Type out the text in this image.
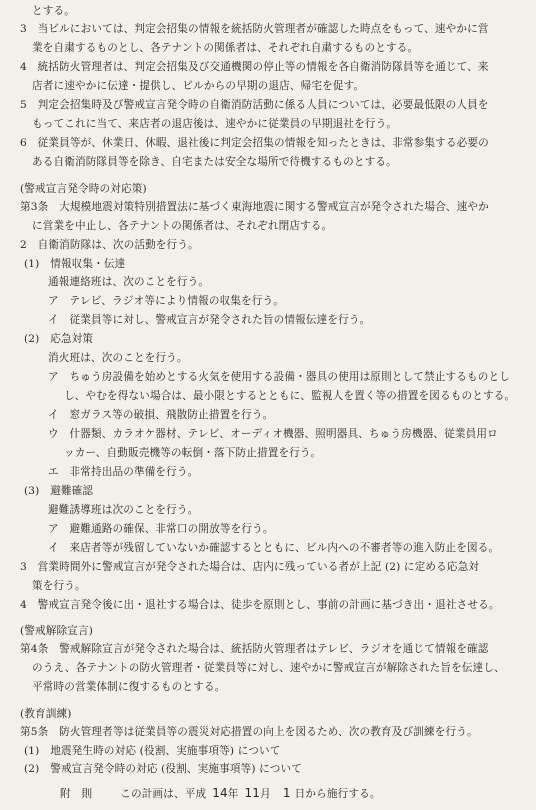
とする。
3　当ビルにおいては、判定会招集の情報を統括防火管理者が確認した時点をもって、速やかに営
業を自粛するものとし、各テナントの関係者は、それぞれ自粛するものとする。
4　統括防火管理者は、判定会招集及び交通機関の停止等の情報を各自衛消防隊員等を通じて、来
店者に速やかに伝達・提供し、ビルからの早期の退店、帰宅を促す。
5　判定会招集時及び警戒宣言発令時の自衛消防活動に係る人員については、必要最低限の人員を
もってこれに当て、来店者の退店後は、速やかに従業員の早期退社を行う。
6　従業員等が、休業日、休暇、退社後に判定会招集の情報を知ったときは、非常参集する必要の
ある自衛消防隊員等を除き、自宅または安全な場所で待機するものとする。
(警戒宣言発令時の対応策)
第3条　大規模地震対策特別措置法に基づく東海地震に関する警戒宣言が発令された場合、速やか
に営業を中止し、各テナントの関係者は、それぞれ閉店する。
2　自衛消防隊は、次の活動を行う。
(1)　情報収集・伝達
通報連絡班は、次のことを行う。
ア　テレビ、ラジオ等により情報の収集を行う。
イ　従業員等に対し、警戒宣言が発令された旨の情報伝達を行う。
(2)　応急対策
消火班は、次のことを行う。
ア　ちゅう房設備を始めとする火気を使用する設備・器具の使用は原則として禁止するものとし
し、やむを得ない場合は、最小限とするとともに、監視人を置く等の措置を図るものとする。
イ　窓ガラス等の破損、飛散防止措置を行う。
ウ　什器類、カラオケ器材、テレビ、オーディオ機器、照明器具、ちゅう房機器、従業員用ロ
ッカー、自動販売機等の転倒・落下防止措置を行う。
エ　非常持出品の準備を行う。
(3)　避難確認
避難誘導班は次のことを行う。
ア　避難通路の確保、非常口の開放等を行う。
イ　来店者等が残留していないか確認するとともに、ビル内への不審者等の進入防止を図る。
3　営業時間外に警戒宣言が発令された場合は、店内に残っている者が上記 (2) に定める応急対
策を行う。
4　警戒宣言発令後に出・退社する場合は、徒歩を原則とし、事前の計画に基づき出・退社させる。
(警戒解除宣言)
第4条　警戒解除宣言が発令された場合は、統括防火管理者はテレビ、ラジオを通じて情報を確認
のうえ、各テナントの防火管理者・従業員等に対し、速やかに警戒宣言が解除された旨を伝達し、
平常時の営業体制に復するものとする。
(教育訓練)
第5条　防火管理者等は従業員等の震災対応措置の向上を図るため、次の教育及び訓練を行う。
(1)　地震発生時の対応 (役割、実施事項等) について
(2)　警戒宣言発令時の対応 (役割、実施事項等) について
附　則	この計画は、平成 14年 11月 1 日から施行する。
